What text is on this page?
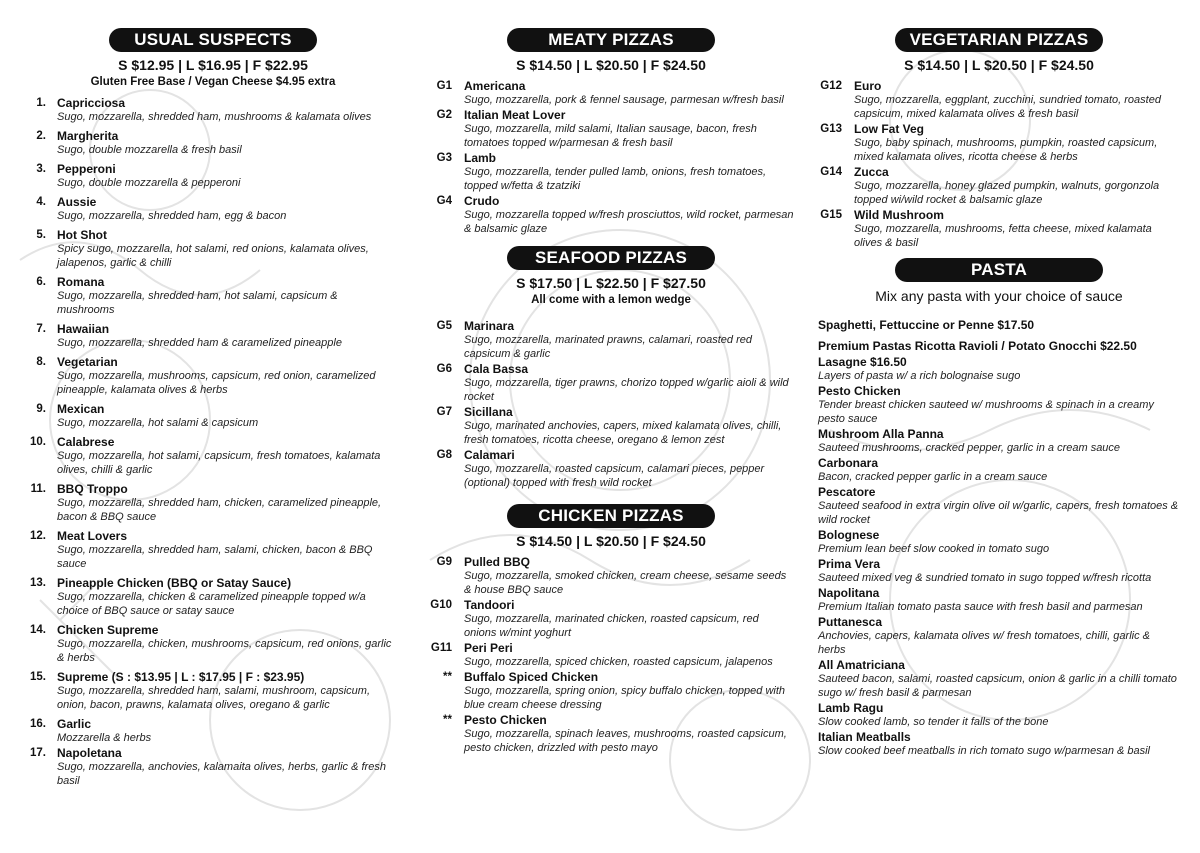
USUAL SUSPECTS
S $12.95 | L $16.95 | F $22.95
Gluten Free Base / Vegan Cheese $4.95 extra
1. Capricciosa
Sugo, mozzarella, shredded ham, mushrooms & kalamata olives
2. Margherita
Sugo, double mozzarella & fresh basil
3. Pepperoni
Sugo, double mozzarella & pepperoni
4. Aussie
Sugo, mozzarella, shredded ham, egg & bacon
5. Hot Shot
Spicy sugo, mozzarella, hot salami, red onions, kalamata olives, jalapenos, garlic & chilli
6. Romana
Sugo, mozzarella, shredded ham, hot salami, capsicum & mushrooms
7. Hawaiian
Sugo, mozzarella, shredded ham & caramelized pineapple
8. Vegetarian
Sugo, mozzarella, mushrooms, capsicum, red onion, caramelized pineapple, kalamata olives & herbs
9. Mexican
Sugo, mozzarella, hot salami & capsicum
10. Calabrese
Sugo, mozzarella, hot salami, capsicum, fresh tomatoes, kalamata olives, chilli & garlic
11. BBQ Troppo
Sugo, mozzarella, shredded ham, chicken, caramelized pineapple, bacon & BBQ sauce
12. Meat Lovers
Sugo, mozzarella, shredded ham, salami, chicken, bacon & BBQ sauce
13. Pineapple Chicken (BBQ or Satay Sauce)
Sugo, mozzarella, chicken & caramelized pineapple topped w/a choice of BBQ sauce or satay sauce
14. Chicken Supreme
Sugo, mozzarella, chicken, mushrooms, capsicum, red onions, garlic & herbs
15. Supreme (S : $13.95 | L : $17.95 | F : $23.95)
Sugo, mozzarella, shredded ham, salami, mushroom, capsicum, onion, bacon, prawns, kalamata olives, oregano & garlic
16. Garlic
Mozzarella & herbs
17. Napoletana
Sugo, mozzarella, anchovies, kalamaita olives, herbs, garlic & fresh basil
MEATY PIZZAS
S $14.50 | L $20.50 | F $24.50
G1 Americana
Sugo, mozzarella, pork & fennel sausage, parmesan w/fresh basil
G2 Italian Meat Lover
Sugo, mozzarella, mild salami, Italian sausage, bacon, fresh tomatoes topped w/parmesan & fresh basil
G3 Lamb
Sugo, mozzarella, tender pulled lamb, onions, fresh tomatoes, topped w/fetta & tzatziki
G4 Crudo
Sugo, mozzarella topped w/fresh prosciuttos, wild rocket, parmesan & balsamic glaze
SEAFOOD PIZZAS
S $17.50 | L $22.50 | F $27.50
All come with a lemon wedge
G5 Marinara
Sugo, mozzarella, marinated prawns, calamari, roasted red capsicum & garlic
G6 Cala Bassa
Sugo, mozzarella, tiger prawns, chorizo topped w/garlic aioli & wild rocket
G7 Sicillana
Sugo, marinated anchovies, capers, mixed kalamata olives, chilli, fresh tomatoes, ricotta cheese, oregano & lemon zest
G8 Calamari
Sugo, mozzarella, roasted capsicum, calamari pieces, pepper (optional) topped with fresh wild rocket
CHICKEN PIZZAS
S $14.50 | L $20.50 | F $24.50
G9 Pulled BBQ
Sugo, mozzarella, smoked chicken, cream cheese, sesame seeds & house BBQ sauce
G10 Tandoori
Sugo, mozzarella, marinated chicken, roasted capsicum, red onions w/mint yoghurt
G11 Peri Peri
Sugo, mozzarella, spiced chicken, roasted capsicum, jalapenos
** Buffalo Spiced Chicken
Sugo, mozzarella, spring onion, spicy buffalo chicken, topped with blue cream cheese dressing
** Pesto Chicken
Sugo, mozzarella, spinach leaves, mushrooms, roasted capsicum, pesto chicken, drizzled with pesto mayo
VEGETARIAN PIZZAS
S $14.50 | L $20.50 | F $24.50
G12 Euro
Sugo, mozzarella, eggplant, zucchini, sundried tomato, roasted capsicum, mixed kalamata olives & fresh basil
G13 Low Fat Veg
Sugo, baby spinach, mushrooms, pumpkin, roasted capsicum, mixed kalamata olives, ricotta cheese & herbs
G14 Zucca
Sugo, mozzarella, honey glazed pumpkin, walnuts, gorgonzola topped wi/wild rocket & balsamic glaze
G15 Wild Mushroom
Sugo, mozzarella, mushrooms, fetta cheese, mixed kalamata olives & basil
PASTA
Mix any pasta with your choice of sauce
Spaghetti, Fettuccine or Penne $17.50
Premium Pastas Ricotta Ravioli / Potato Gnocchi $22.50
Lasagne $16.50
Layers of pasta w/ a rich bolognaise sugo
Pesto Chicken
Tender breast chicken sauteed w/ mushrooms & spinach in a creamy pesto sauce
Mushroom Alla Panna
Sauteed mushrooms, cracked pepper, garlic in a cream sauce
Carbonara
Bacon, cracked pepper garlic in a cream sauce
Pescatore
Sauteed seafood in extra virgin olive oil w/garlic, capers, fresh tomatoes & wild rocket
Bolognese
Premium lean beef slow cooked in tomato sugo
Prima Vera
Sauteed mixed veg & sundried tomato in sugo topped w/fresh ricotta
Napolitana
Premium Italian tomato pasta sauce with fresh basil and parmesan
Puttanesca
Anchovies, capers, kalamata olives w/ fresh tomatoes, chilli, garlic & herbs
All Amatriciana
Sauteed bacon, salami, roasted capsicum, onion & garlic in a chilli tomato sugo w/ fresh basil & parmesan
Lamb Ragu
Slow cooked lamb, so tender it falls of the bone
Italian Meatballs
Slow cooked beef meatballs in rich tomato sugo w/parmesan & basil
